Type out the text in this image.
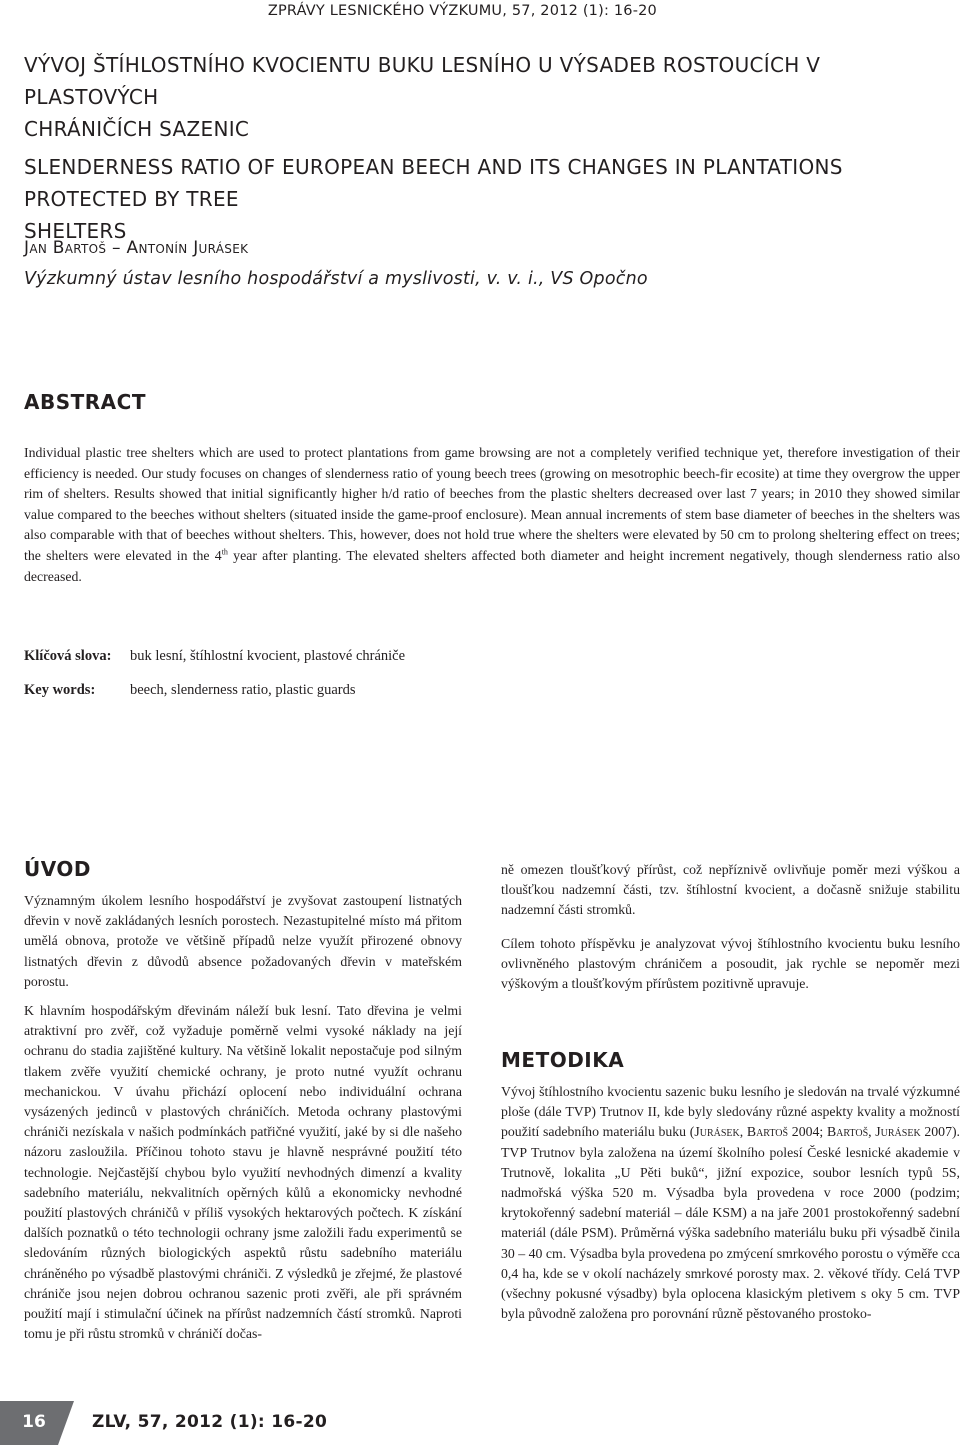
ZPRÁVY LESNICKÉHO VÝZKUMU, 57, 2012 (1): 16-20
VÝVOJ ŠTÍHLOSTNÍHO KVOCIENTU BUKU LESNÍHO U VÝSADEB ROSTOUCÍCH V PLASTOVÝCH
CHRÁNIČÍCH SAZENIC
SLENDERNESS RATIO OF EUROPEAN BEECH AND ITS CHANGES IN PLANTATIONS PROTECTED BY TREE
SHELTERS
Jan Bartoš – Antonín Jurásek
Výzkumný ústav lesního hospodářství a myslivosti, v. v. i., VS Opočno
ABSTRACT
Individual plastic tree shelters which are used to protect plantations from game browsing are not a completely verified technique yet, therefore investigation of their efficiency is needed. Our study focuses on changes of slenderness ratio of young beech trees (growing on mesotrophic beech-fir ecosite) at time they overgrow the upper rim of shelters. Results showed that initial significantly higher h/d ratio of beeches from the plastic shelters decreased over last 7 years; in 2010 they showed similar value compared to the beeches without shelters (situated inside the game-proof enclosure). Mean annual increments of stem base diameter of beeches in the shelters was also comparable with that of beeches without shelters. This, however, does not hold true where the shelters were elevated by 50 cm to prolong sheltering effect on trees; the shelters were elevated in the 4th year after planting. The elevated shelters affected both diameter and height increment negatively, though slenderness ratio also decreased.
Klíčová slova: buk lesní, štíhlostní kvocient, plastové chrániče
Key words: beech, slenderness ratio, plastic guards
ÚVOD

Významným úkolem lesního hospodářství je zvyšovat zastoupení listnatých dřevin v nově zakládaných lesních porostech. Nezastupitelné místo má přitom umělá obnova, protože ve většině případů nelze využít přirozené obnovy listnatých dřevin z důvodů absence požadovaných dřevin v mateřském porostu.

K hlavním hospodářským dřevinám náleží buk lesní. Tato dřevina je velmi atraktivní pro zvěř, což vyžaduje poměrně velmi vysoké náklady na její ochranu do stadia zajištěné kultury. Na většině lokalit nepostačuje pod silným tlakem zvěře využití chemické ochrany, je proto nutné využít ochranu mechanickou. V úvahu přichází oplocení nebo individuální ochrana vysázených jedinců v plastových chráničích. Metoda ochrany plastovými chrániči nezískala v našich podmínkách patřičné využití, jaké by si dle našeho názoru zasloužila. Příčinou tohoto stavu je hlavně nesprávné použití této technologie. Nejčastější chybou bylo využití nevhodných dimenzí a kvality sadebního materiálu, nekvalitních opěrných kůlů a ekonomicky nevhodné použití plastových chráničů v příliš vysokých hektarových počtech. K získání dalších poznatků o této technologii ochrany jsme založili řadu experimentů se sledováním různých biologických aspektů růstu sadebního materiálu chráněného po výsadbě plastovými chrániči. Z výsledků je zřejmé, že plastové chrániče jsou nejen dobrou ochranou sazenic proti zvěři, ale při správném použití mají i stimulační účinek na přírůst nadzemních částí stromků. Naproti tomu je při růstu stromků v chráničí dočas-

ně omezen tloušťkový přírůst, což nepříznivě ovlivňuje poměr mezi výškou a tloušťkou nadzemní části, tzv. štíhlostní kvocient, a dočasně snižuje stabilitu nadzemní části stromků.

Cílem tohoto příspěvku je analyzovat vývoj štíhlostního kvocientu buku lesního ovlivněného plastovým chráničem a posoudit, jak rychle se nepoměr mezi výškovým a tloušťkovým přírůstem pozitivně upravuje.

METODIKA

Vývoj štíhlostního kvocientu sazenic buku lesního je sledován na trvalé výzkumné ploše (dále TVP) Trutnov II, kde byly sledovány různé aspekty kvality a možností použití sadebního materiálu buku (Jurásek, Bartoš 2004; Bartoš, Jurásek 2007). TVP Trutnov byla založena na území školního polesí České lesnické akademie v Trutnově, lokalita „U Pěti buků“, jižní expozice, soubor lesních typů 5S, nadmořská výška 520 m. Výsadba byla provedena v roce 2000 (podzim; krytokořenný sadební materiál – dále KSM) a na jaře 2001 prostokořenný sadební materiál (dále PSM). Průměrná výška sadebního materiálu buku při výsadbě činila 30 – 40 cm. Výsadba byla provedena po zmýcení smrkového porostu o výměře cca 0,4 ha, kde se v okolí nacházely smrkové porosty max. 2. věkové třídy. Celá TVP (všechny pokusné výsadby) byla oplocena klasickým pletivem s oky 5 cm. TVP byla původně založena pro porovnání různě pěstovaného prostoko-

16	ZLV, 57, 2012 (1): 16-20
